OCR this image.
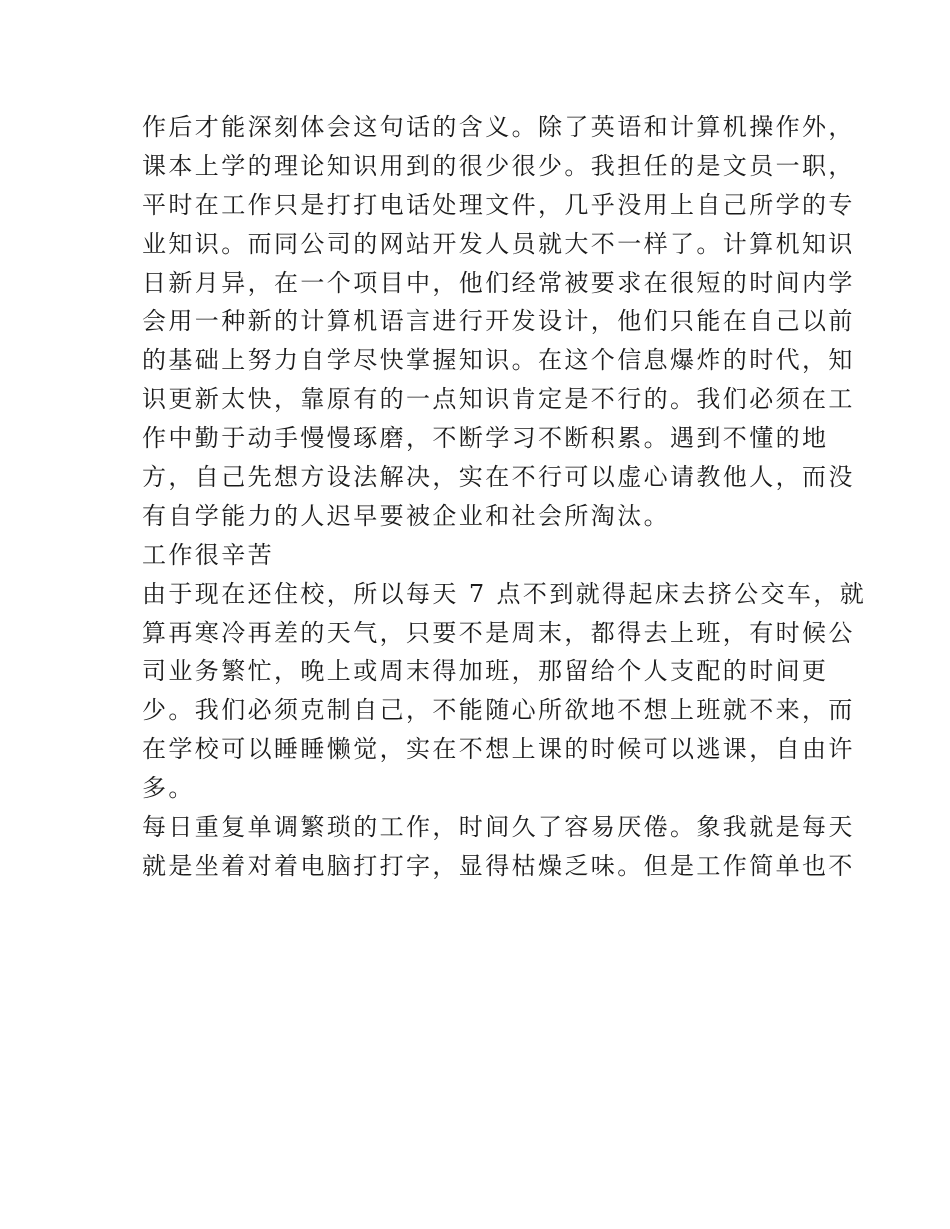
作后才能深刻体会这句话的含义。除了英语和计算机操作外，
课本上学的理论知识用到的很少很少。我担任的是文员一职，
平时在工作只是打打电话处理文件，几乎没用上自己所学的专
业知识。而同公司的网站开发人员就大不一样了。计算机知识
日新月异，在一个项目中，他们经常被要求在很短的时间内学
会用一种新的计算机语言进行开发设计，他们只能在自己以前
的基础上努力自学尽快掌握知识。在这个信息爆炸的时代，知
识更新太快，靠原有的一点知识肯定是不行的。我们必须在工
作中勤于动手慢慢琢磨，不断学习不断积累。遇到不懂的地
方，自己先想方设法解决，实在不行可以虚心请教他人，而没
有自学能力的人迟早要被企业和社会所淘汰。
工作很辛苦
由于现在还住校，所以每天 7 点不到就得起床去挤公交车，就
算再寒冷再差的天气，只要不是周末，都得去上班，有时候公
司业务繁忙，晚上或周末得加班，那留给个人支配的时间更
少。我们必须克制自己，不能随心所欲地不想上班就不来，而
在学校可以睡睡懒觉，实在不想上课的时候可以逃课，自由许
多。
每日重复单调繁琐的工作，时间久了容易厌倦。象我就是每天
就是坐着对着电脑打打字，显得枯燥乏味。但是工作简单也不
